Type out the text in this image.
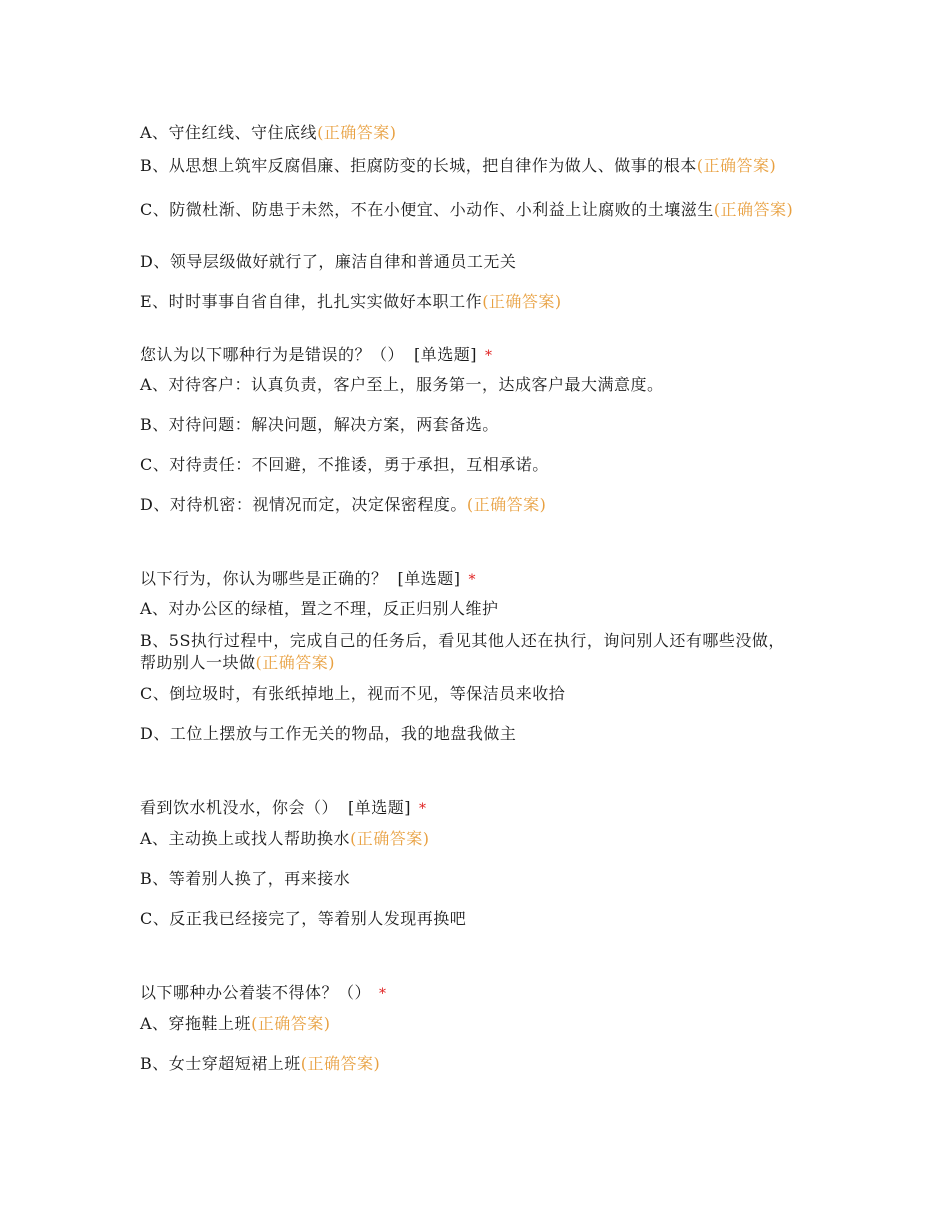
A、守住红线、守住底线(正确答案)
B、从思想上筑牢反腐倡廉、拒腐防变的长城，把自律作为做人、做事的根本(正确答案)
C、防微杜渐、防患于未然，不在小便宜、小动作、小利益上让腐败的土壤滋生(正确答案)
D、领导层级做好就行了，廉洁自律和普通员工无关
E、时时事事自省自律，扎扎实实做好本职工作(正确答案)
您认为以下哪种行为是错误的？（） [单选题] *
A、对待客户：认真负责，客户至上，服务第一，达成客户最大满意度。
B、对待问题：解决问题，解决方案，两套备选。
C、对待责任：不回避，不推诿，勇于承担，互相承诺。
D、对待机密：视情况而定，决定保密程度。(正确答案)
以下行为，你认为哪些是正确的？ [单选题] *
A、对办公区的绿植，置之不理，反正归别人维护
B、5S执行过程中，完成自己的任务后，看见其他人还在执行，询问别人还有哪些没做，帮助别人一块做(正确答案)
C、倒垃圾时，有张纸掉地上，视而不见，等保洁员来收拾
D、工位上摆放与工作无关的物品，我的地盘我做主
看到饮水机没水，你会（） [单选题] *
A、主动换上或找人帮助换水(正确答案)
B、等着别人换了，再来接水
C、反正我已经接完了，等着别人发现再换吧
以下哪种办公着装不得体？（） *
A、穿拖鞋上班(正确答案)
B、女士穿超短裙上班(正确答案)
